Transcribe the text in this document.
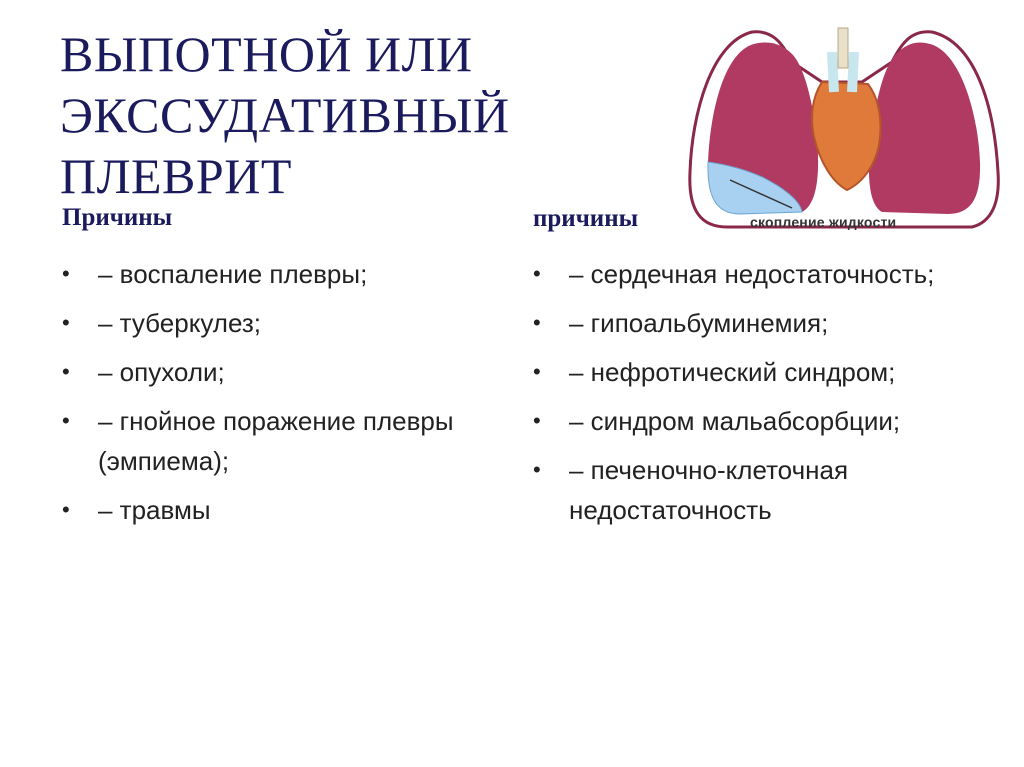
ВЫПОТНОЙ ИЛИ ЭКССУДАТИВНЫЙ ПЛЕВРИТ
скопление жидкости
Причины
•	– воспаление плевры;
•	– туберкулез;
•	– опухоли;
•	– гнойное поражение плевры (эмпиема);
•	– травмы
причины
•	– сердечная недостаточность;
•	– гипоальбуминемия;
•	– нефротический синдром;
•	– синдром мальабсорбции;
•	– печеночно-клеточная недостаточность
